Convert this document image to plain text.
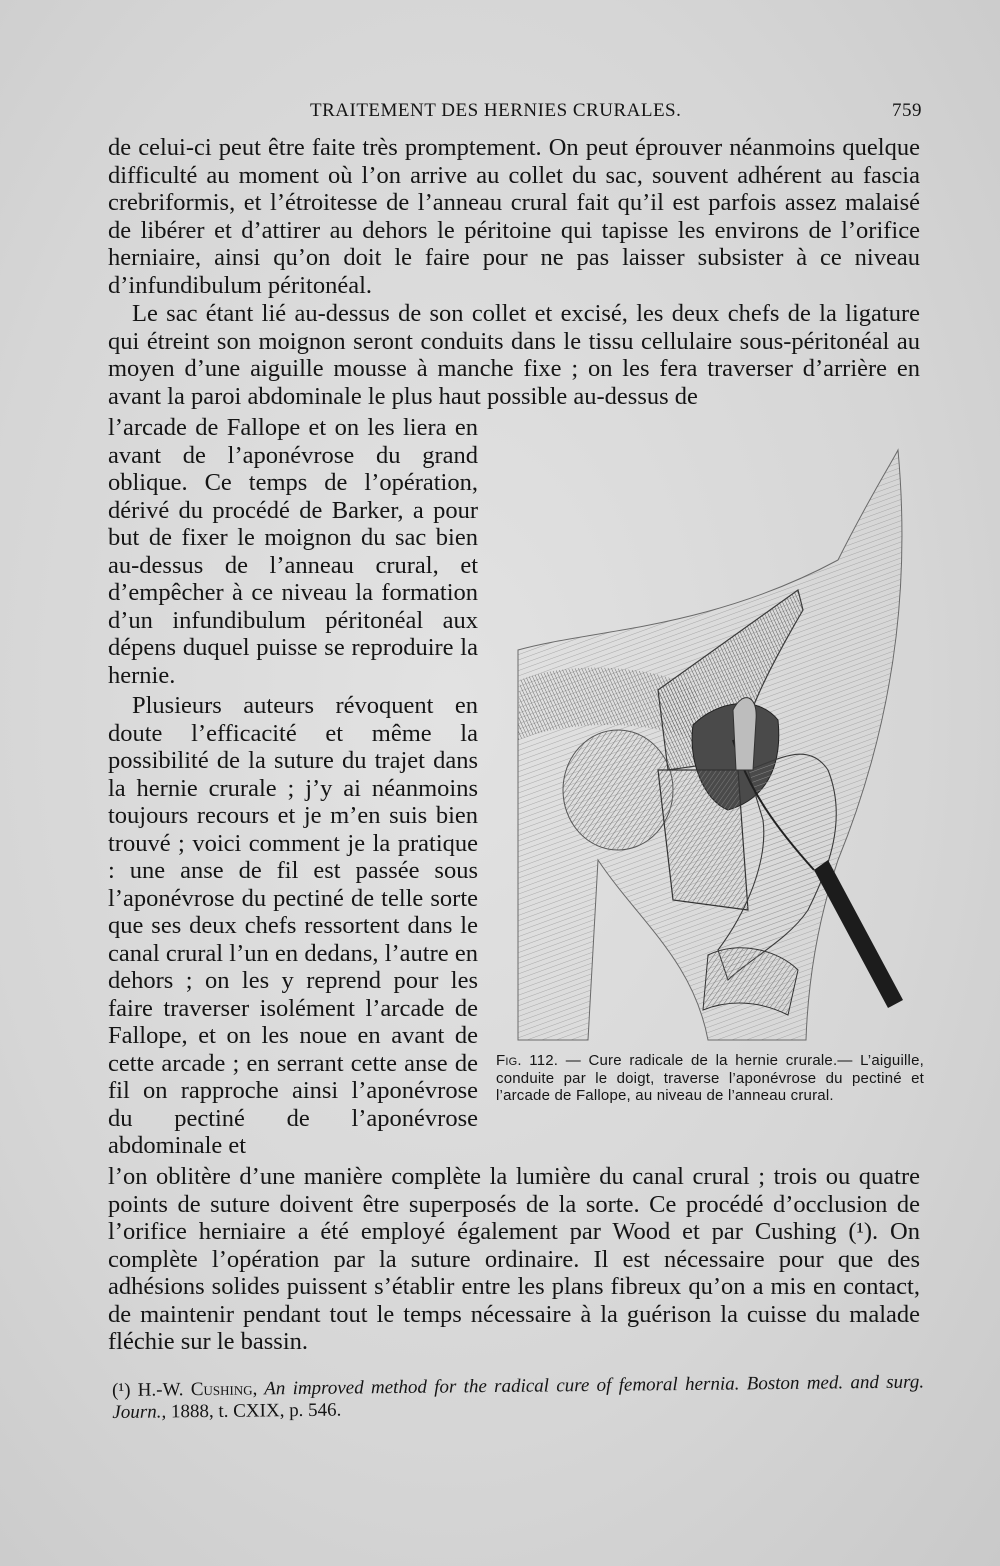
TRAITEMENT DES HERNIES CRURALES.	759

de celui-ci peut être faite très promptement. On peut éprouver néanmoins quelque difficulté au moment où l’on arrive au collet du sac, souvent adhérent au fascia crebriformis, et l’étroitesse de l’anneau crural fait qu’il est parfois assez malaisé de libérer et d’attirer au dehors le péritoine qui tapisse les environs de l’orifice herniaire, ainsi qu’on doit le faire pour ne pas laisser subsister à ce niveau d’infundibulum péritonéal.

Le sac étant lié au-dessus de son collet et excisé, les deux chefs de la ligature qui étreint son moignon seront conduits dans le tissu cellulaire sous-péritonéal au moyen d’une aiguille mousse à manche fixe ; on les fera traverser d’arrière en avant la paroi abdominale le plus haut possible au-dessus de

l’arcade de Fallope et on les liera en avant de l’aponévrose du grand oblique. Ce temps de l’opération, dérivé du procédé de Barker, a pour but de fixer le moignon du sac bien au-dessus de l’anneau crural, et d’empêcher à ce niveau la formation d’un infundibulum péritonéal aux dépens duquel puisse se reproduire la hernie.

Plusieurs auteurs révoquent en doute l’efficacité et même la possibilité de la suture du trajet dans la hernie crurale ; j’y ai néanmoins toujours recours et je m’en suis bien trouvé ; voici comment je la pratique : une anse de fil est passée sous l’aponévrose du pectiné de telle sorte que ses deux chefs ressortent dans le canal crural l’un en dedans, l’autre en dehors ; on les y reprend pour les faire traverser isolément l’arcade de Fallope, et on les noue en avant de cette arcade ; en serrant cette anse de fil on rapproche ainsi l’aponévrose du pectiné de l’aponévrose abdominale et

l’on oblitère d’une manière complète la lumière du canal crural ; trois ou quatre points de suture doivent être superposés de la sorte. Ce procédé d’occlusion de l’orifice herniaire a été employé également par Wood et par Cushing (¹). On complète l’opération par la suture ordinaire. Il est nécessaire pour que des adhésions solides puissent s’établir entre les plans fibreux qu’on a mis en contact, de maintenir pendant tout le temps nécessaire à la guérison la cuisse du malade fléchie sur le bassin.

Fig. 112. — Cure radicale de la hernie crurale.— L’aiguille, conduite par le doigt, traverse l’aponévrose du pectiné et l’arcade de Fallope, au niveau de l’anneau crural.
(¹) H.-W. Cushing, An improved method for the radical cure of femoral hernia. Boston med. and surg. Journ., 1888, t. CXIX, p. 546.
